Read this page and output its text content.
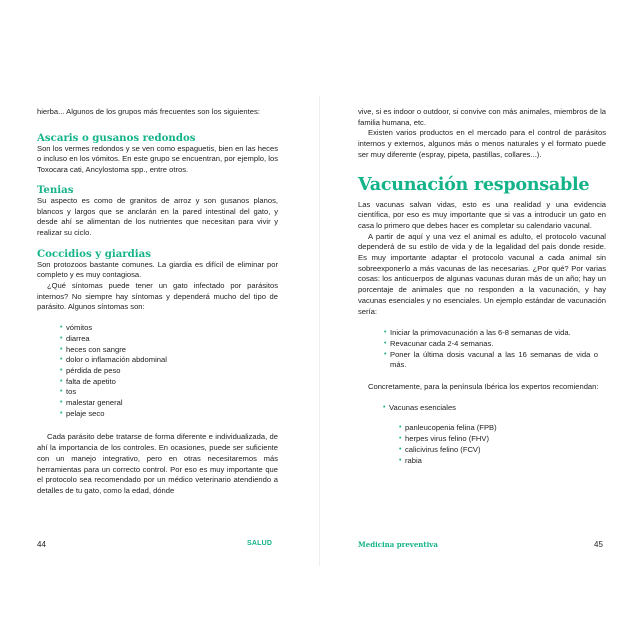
hierba... Algunos de los grupos más frecuentes son los siguientes:

Ascaris o gusanos redondos

Son los vermes redondos y se ven como espaguetis, bien en las heces o incluso en los vómitos. En este grupo se encuentran, por ejemplo, los Toxocara cati, Ancylostoma spp., entre otros.

Tenias

Su aspecto es como de granitos de arroz y son gusanos planos, blancos y largos que se anclarán en la pared intestinal del gato, y desde ahí se alimentan de los nutrientes que necesitan para vivir y realizar su ciclo.

Coccidios y giardias

Son protozoos bastante comunes. La giardia es difícil de eliminar por completo y es muy contagiosa.

¿Qué síntomas puede tener un gato infectado por parásitos internos? No siempre hay síntomas y dependerá mucho del tipo de parásito. Algunos síntomas son:

• vómitos
• diarrea
• heces con sangre
• dolor o inflamación abdominal
• pérdida de peso
• falta de apetito
• tos
• malestar general
• pelaje seco

Cada parásito debe tratarse de forma diferente e individualizada, de ahí la importancia de los controles. En ocasiones, puede ser suficiente con un manejo integrativo, pero en otras necesitaremos más herramientas para un correcto control. Por eso es muy importante que el protocolo sea recomendado por un médico veterinario atendiendo a detalles de tu gato, como la edad, dónde

44	SALUD

vive, si es indoor o outdoor, si convive con más animales, miembros de la familia humana, etc.

Existen varios productos en el mercado para el control de parásitos internos y externos, algunos más o menos naturales y el formato puede ser muy diferente (espray, pipeta, pastillas, collares...).

Vacunación responsable

Las vacunas salvan vidas, esto es una realidad y una evidencia científica, por eso es muy importante que si vas a introducir un gato en casa lo primero que debes hacer es completar su calendario vacunal.

A partir de aquí y una vez el animal es adulto, el protocolo vacunal dependerá de su estilo de vida y de la legalidad del país donde reside. Es muy importante adaptar el protocolo vacunal a cada animal sin sobreexponerlo a más vacunas de las necesarias. ¿Por qué? Por varias cosas: los anticuerpos de algunas vacunas duran más de un año; hay un porcentaje de animales que no responden a la vacunación, y hay vacunas esenciales y no esenciales. Un ejemplo estándar de vacunación sería:

• Iniciar la primovacunación a las 6-8 semanas de vida.
• Revacunar cada 2-4 semanas.
• Poner la última dosis vacunal a las 16 semanas de vida o más.

Concretamente, para la península Ibérica los expertos recomiendan:

• Vacunas esenciales
• panleucopenia felina (FPB)
• herpes virus felino (FHV)
• calicivirus felino (FCV)
• rabia
Medicina preventiva	45
